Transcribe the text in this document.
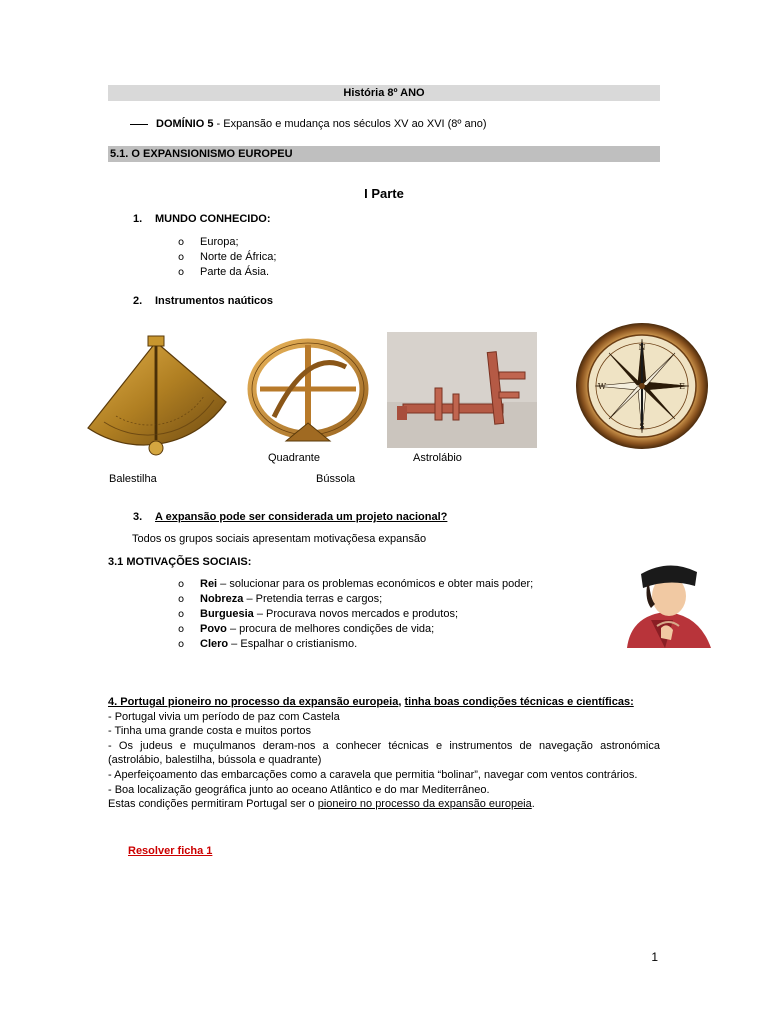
História 8º ANO
DOMÍNIO 5 - Expansão e mudança nos séculos XV ao XVI (8º ano)
5.1. O EXPANSIONISMO EUROPEU
I Parte
1. MUNDO CONHECIDO:
o Europa;
o Norte de África;
o Parte da Ásia.
2. Instrumentos naúticos
N
S
E
W
Quadrante	Astrolábio
Balestilha	Bússola
3. A expansão pode ser considerada um projeto nacional?
Todos os grupos sociais apresentam motivaçõesa expansão
3.1 MOTIVAÇÕES SOCIAIS:
o Rei – solucionar para os problemas económicos e obter mais poder;
o Nobreza – Pretendia terras e cargos;
o Burguesia – Procurava novos mercados e produtos;
o Povo – procura de melhores condições de vida;
o Clero – Espalhar o cristianismo.

4. Portugal pioneiro no processo da expansão europeia, tinha boas condições técnicas e científicas:

- Portugal vivia um período de paz com Castela

- Tinha uma grande costa e muitos portos

- Os judeus e muçulmanos deram-nos a conhecer técnicas e instrumentos de navegação astronómica (astrolábio, balestilha, bússola e quadrante)

- Aperfeiçoamento das embarcações como a caravela que permitia “bolinar”, navegar com ventos contrários.

- Boa localização geográfica junto ao oceano Atlântico e do mar Mediterrâneo.

Estas condições permitiram Portugal ser o pioneiro no processo da expansão europeia.

Resolver ficha 1
1
